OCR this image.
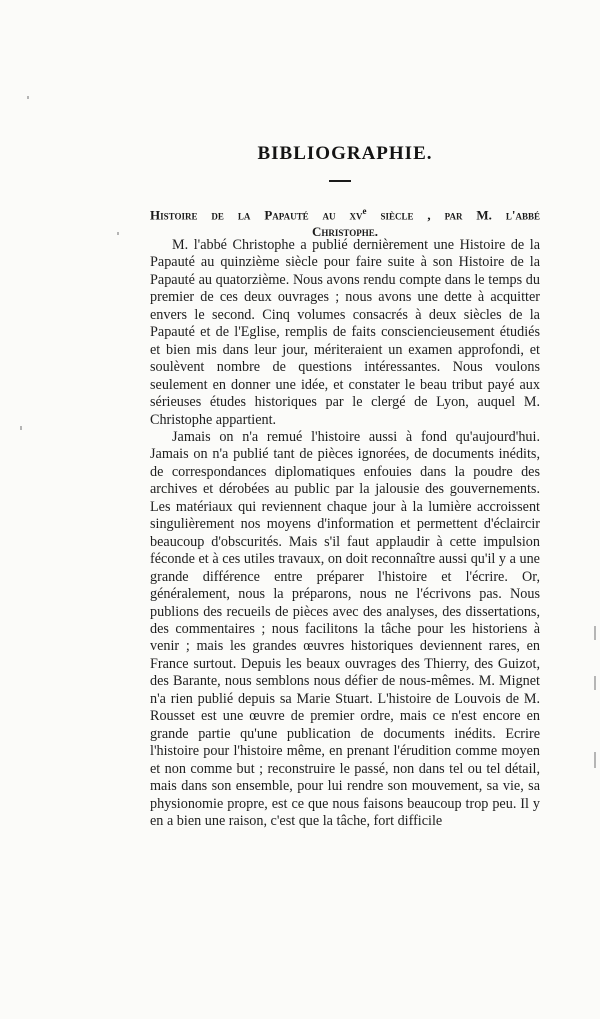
BIBLIOGRAPHIE.
Histoire de la Papauté au $xv^e$ siècle , par M. l'abbé
Christophe.

M. l'abbé Christophe a publié dernièrement une Histoire de la Papauté au quinzième siècle pour faire suite à son Histoire de la Papauté au quatorzième. Nous avons rendu compte dans le temps du premier de ces deux ouvrages ; nous avons une dette à acquitter envers le second. Cinq volumes consacrés à deux siècles de la Papauté et de l'Eglise, remplis de faits consciencieusement étudiés et bien mis dans leur jour, mériteraient un examen approfondi, et soulèvent nombre de questions intéressantes. Nous voulons seulement en donner une idée, et constater le beau tribut payé aux sérieuses études historiques par le clergé de Lyon, auquel M. Christophe appartient.

Jamais on n'a remué l'histoire aussi à fond qu'aujourd'hui. Jamais on n'a publié tant de pièces ignorées, de documents inédits, de correspondances diplomatiques enfouies dans la poudre des archives et dérobées au public par la jalousie des gouvernements. Les matériaux qui reviennent chaque jour à la lumière accroissent singulièrement nos moyens d'information et permettent d'éclaircir beaucoup d'obscurités. Mais s'il faut applaudir à cette impulsion féconde et à ces utiles travaux, on doit reconnaître aussi qu'il y a une grande différence entre préparer l'histoire et l'écrire. Or, généralement, nous la préparons, nous ne l'écrivons pas. Nous publions des recueils de pièces avec des analyses, des dissertations, des commentaires ; nous facilitons la tâche pour les historiens à venir ; mais les grandes œuvres historiques deviennent rares, en France surtout. Depuis les beaux ouvrages des Thierry, des Guizot, des Barante, nous semblons nous défier de nous-mêmes. M. Mignet n'a rien publié depuis sa Marie Stuart. L'histoire de Louvois de M. Rousset est une œuvre de premier ordre, mais ce n'est encore en grande partie qu'une publication de documents inédits. Ecrire l'histoire pour l'histoire même, en prenant l'érudition comme moyen et non comme but ; reconstruire le passé, non dans tel ou tel détail, mais dans son ensemble, pour lui rendre son mouvement, sa vie, sa physionomie propre, est ce que nous faisons beaucoup trop peu. Il y en a bien une raison, c'est que la tâche, fort difficile
